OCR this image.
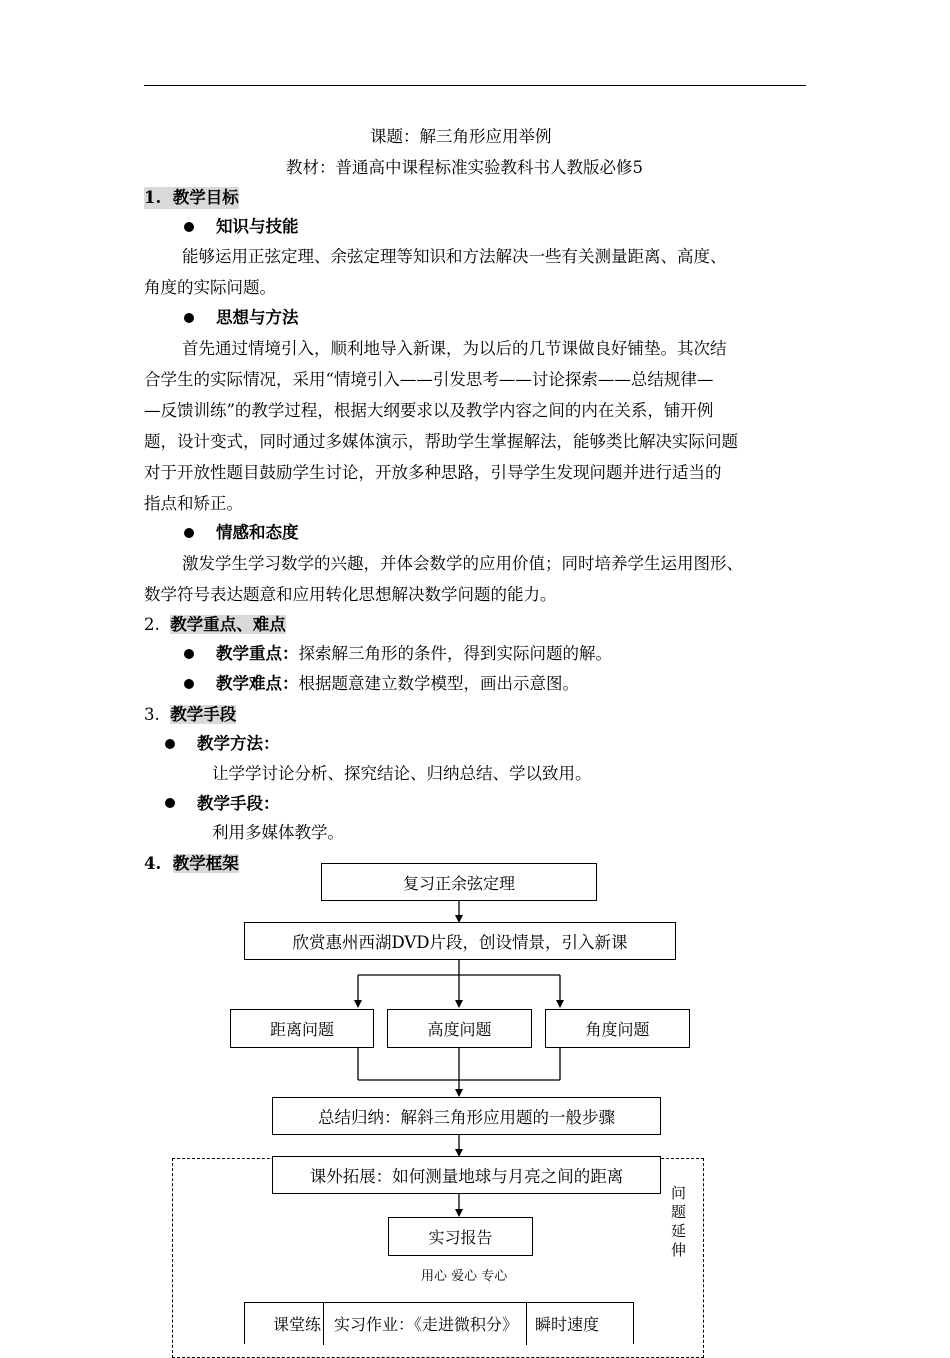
课题：解三角形应用举例
教材：普通高中课程标准实验教科书人教版必修5
1. 教学目标
知识与技能

能够运用正弦定理、余弦定理等知识和方法解决一些有关测量距离、高度、

角度的实际问题。

思想与方法

首先通过情境引入，顺利地导入新课，为以后的几节课做良好铺垫。其次结

合学生的实际情况，采用“情境引入——引发思考——讨论探索——总结规律—

—反馈训练”的教学过程，根据大纲要求以及教学内容之间的内在关系，铺开例

题，设计变式，同时通过多媒体演示，帮助学生掌握解法，能够类比解决实际问题

对于开放性题目鼓励学生讨论，开放多种思路，引导学生发现问题并进行适当的

指点和矫正。

情感和态度

激发学生学习数学的兴趣，并体会数学的应用价值；同时培养学生运用图形、

数学符号表达题意和应用转化思想解决数学问题的能力。

2. 教学重点、难点
教学重点：探索解三角形的条件，得到实际问题的解。
教学难点：根据题意建立数学模型，画出示意图。
3. 教学手段
教学方法：
让学学讨论分析、探究结论、归纳总结、学以致用。
教学手段：
利用多媒体教学。
4. 教学框架
复习正余弦定理
欣赏惠州西湖DVD片段，创设情景，引入新课
距离问题	高度问题	角度问题
总结归纳：解斜三角形应用题的一般步骤
课外拓展：如何测量地球与月亮之间的距离
实习报告
用心 爱心 专心
问题延伸
课堂练 实习作业：《走进微积分》 瞬时速度
